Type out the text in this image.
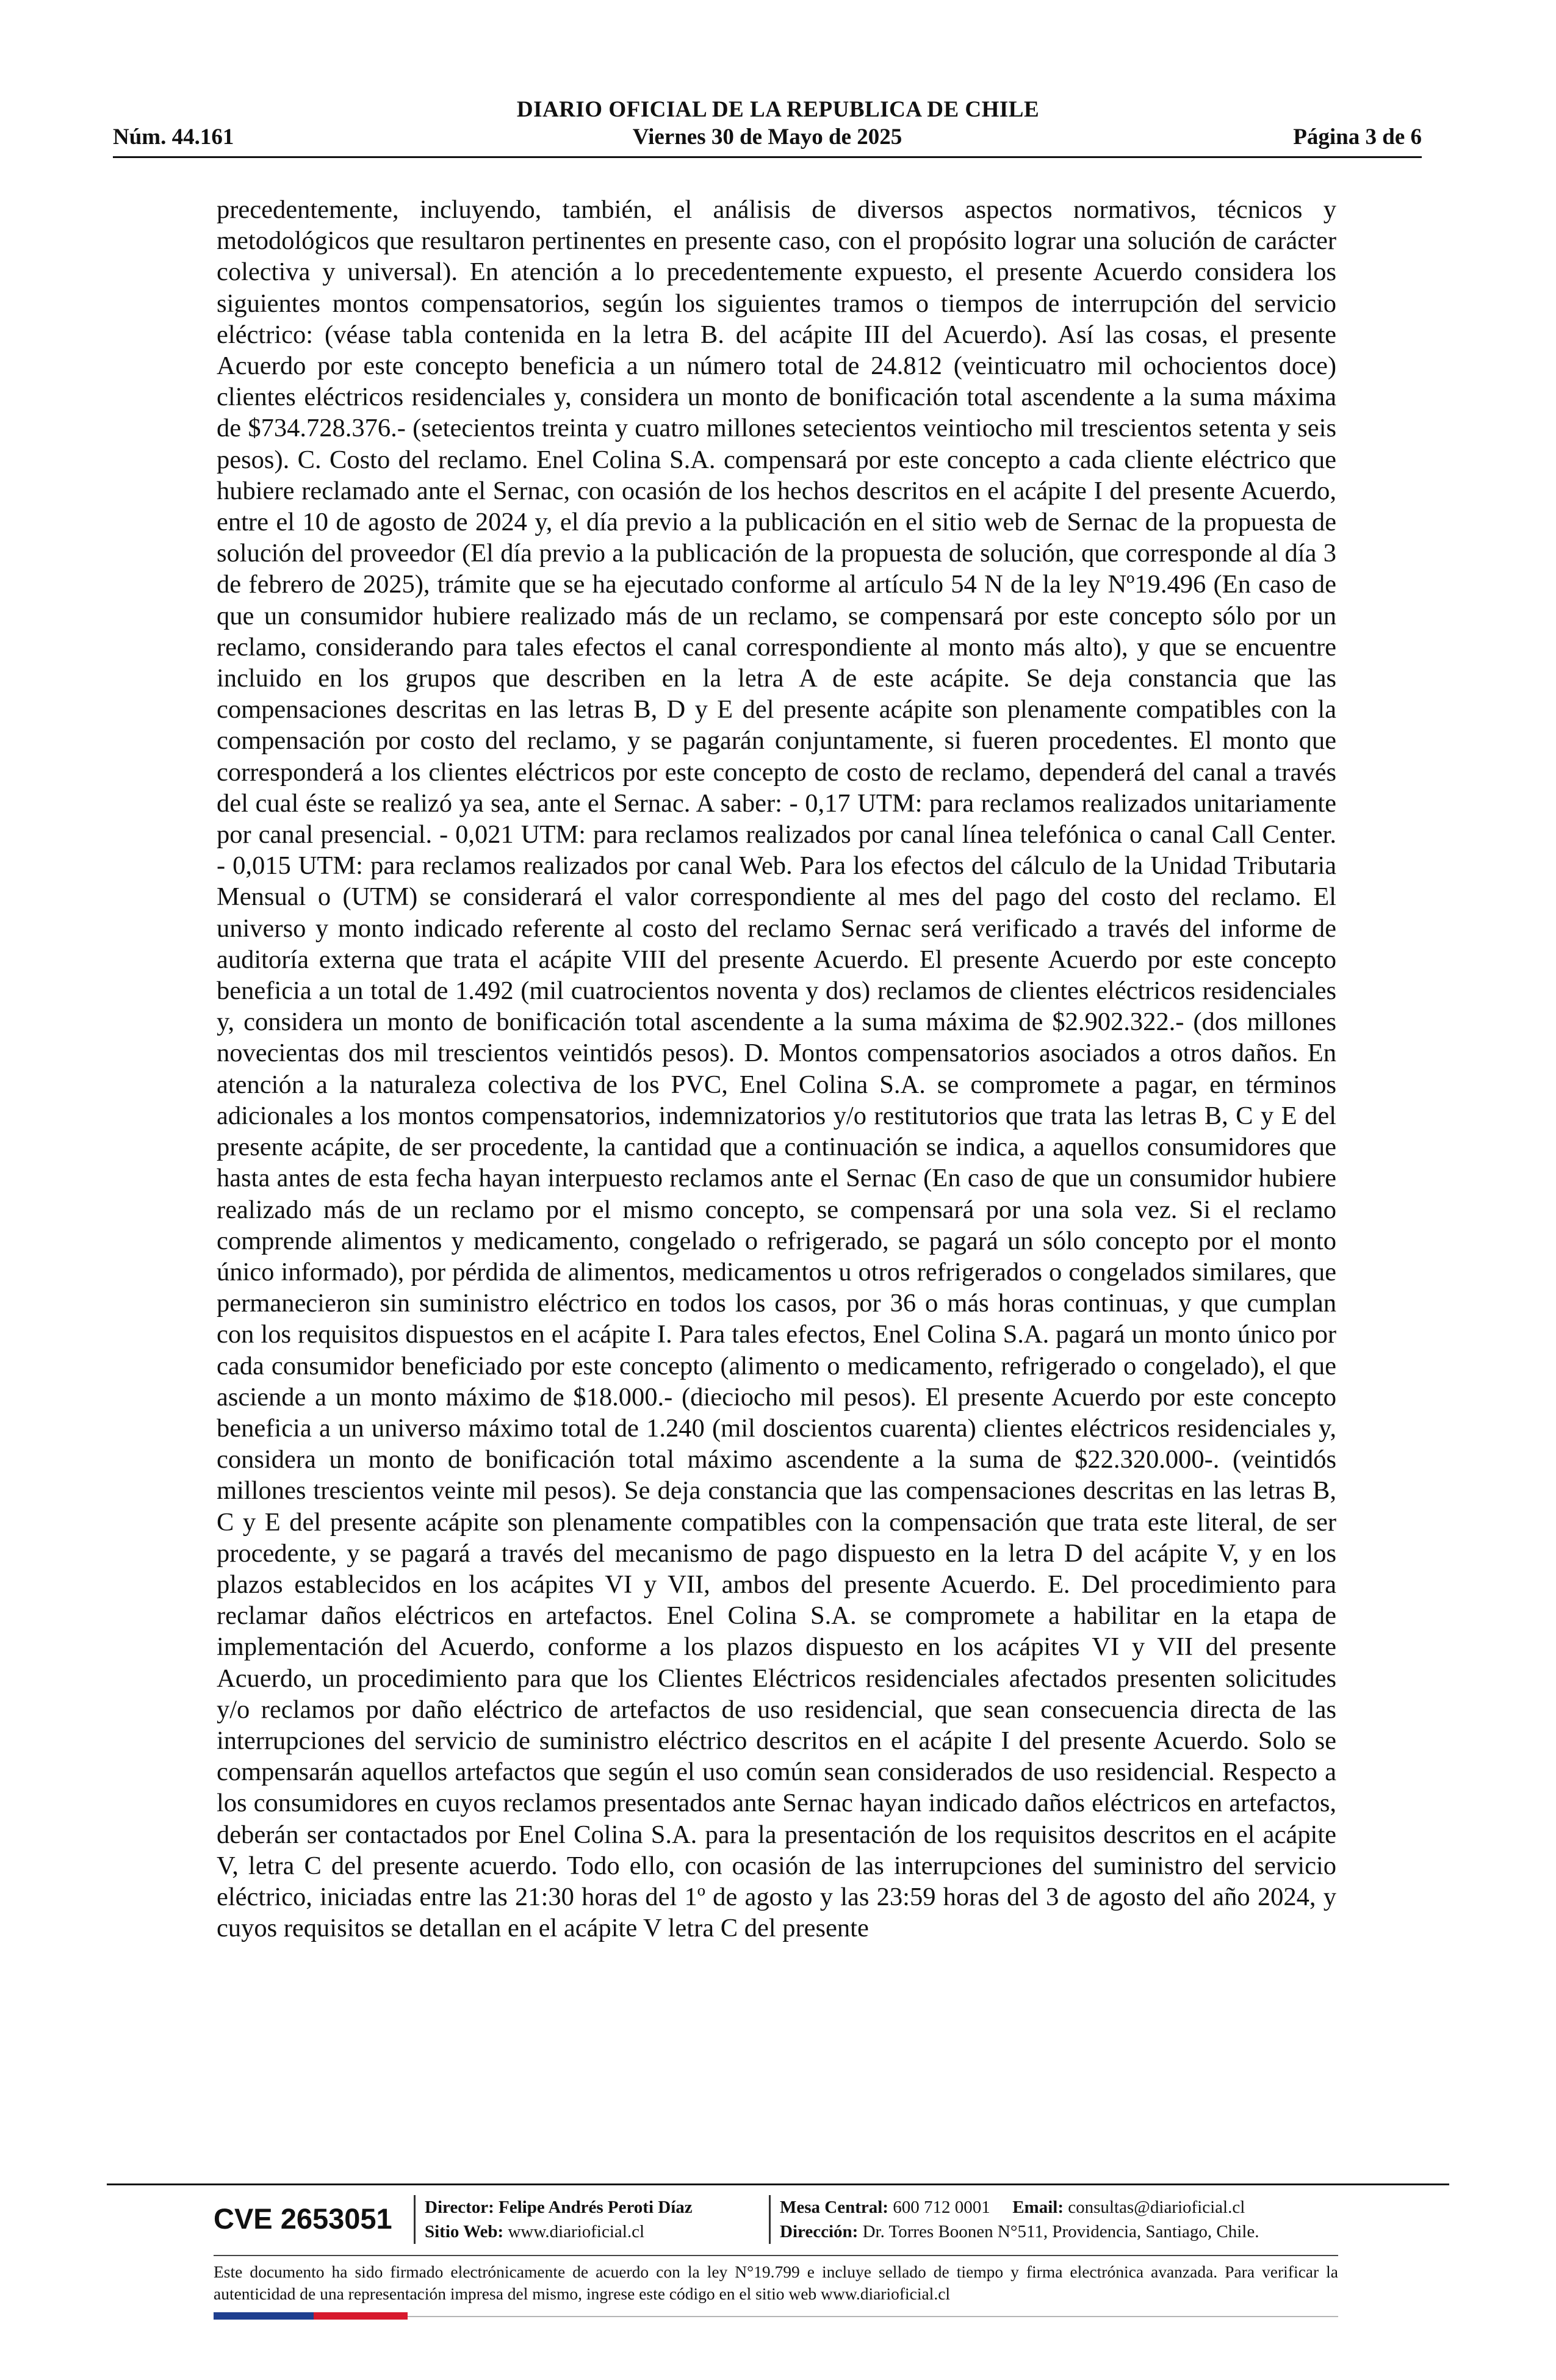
DIARIO OFICIAL DE LA REPUBLICA DE CHILE
Núm. 44.161	Viernes 30 de Mayo de 2025	Página 3 de 6

precedentemente, incluyendo, también, el análisis de diversos aspectos normativos, técnicos y metodológicos que resultaron pertinentes en presente caso, con el propósito lograr una solución de carácter colectiva y universal). En atención a lo precedentemente expuesto, el presente Acuerdo considera los siguientes montos compensatorios, según los siguientes tramos o tiempos de interrupción del servicio eléctrico: (véase tabla contenida en la letra B. del acápite III del Acuerdo). Así las cosas, el presente Acuerdo por este concepto beneficia a un número total de 24.812 (veinticuatro mil ochocientos doce) clientes eléctricos residenciales y, considera un monto de bonificación total ascendente a la suma máxima de $734.728.376.- (setecientos treinta y cuatro millones setecientos veintiocho mil trescientos setenta y seis pesos). C. Costo del reclamo. Enel Colina S.A. compensará por este concepto a cada cliente eléctrico que hubiere reclamado ante el Sernac, con ocasión de los hechos descritos en el acápite I del presente Acuerdo, entre el 10 de agosto de 2024 y, el día previo a la publicación en el sitio web de Sernac de la propuesta de solución del proveedor (El día previo a la publicación de la propuesta de solución, que corresponde al día 3 de febrero de 2025), trámite que se ha ejecutado conforme al artículo 54 N de la ley Nº19.496 (En caso de que un consumidor hubiere realizado más de un reclamo, se compensará por este concepto sólo por un reclamo, considerando para tales efectos el canal correspondiente al monto más alto), y que se encuentre incluido en los grupos que describen en la letra A de este acápite. Se deja constancia que las compensaciones descritas en las letras B, D y E del presente acápite son plenamente compatibles con la compensación por costo del reclamo, y se pagarán conjuntamente, si fueren procedentes. El monto que corresponderá a los clientes eléctricos por este concepto de costo de reclamo, dependerá del canal a través del cual éste se realizó ya sea, ante el Sernac. A saber: - 0,17 UTM: para reclamos realizados unitariamente por canal presencial. - 0,021 UTM: para reclamos realizados por canal línea telefónica o canal Call Center. - 0,015 UTM: para reclamos realizados por canal Web. Para los efectos del cálculo de la Unidad Tributaria Mensual o (UTM) se considerará el valor correspondiente al mes del pago del costo del reclamo. El universo y monto indicado referente al costo del reclamo Sernac será verificado a través del informe de auditoría externa que trata el acápite VIII del presente Acuerdo. El presente Acuerdo por este concepto beneficia a un total de 1.492 (mil cuatrocientos noventa y dos) reclamos de clientes eléctricos residenciales y, considera un monto de bonificación total ascendente a la suma máxima de $2.902.322.- (dos millones novecientas dos mil trescientos veintidós pesos). D. Montos compensatorios asociados a otros daños. En atención a la naturaleza colectiva de los PVC, Enel Colina S.A. se compromete a pagar, en términos adicionales a los montos compensatorios, indemnizatorios y/o restitutorios que trata las letras B, C y E del presente acápite, de ser procedente, la cantidad que a continuación se indica, a aquellos consumidores que hasta antes de esta fecha hayan interpuesto reclamos ante el Sernac (En caso de que un consumidor hubiere realizado más de un reclamo por el mismo concepto, se compensará por una sola vez. Si el reclamo comprende alimentos y medicamento, congelado o refrigerado, se pagará un sólo concepto por el monto único informado), por pérdida de alimentos, medicamentos u otros refrigerados o congelados similares, que permanecieron sin suministro eléctrico en todos los casos, por 36 o más horas continuas, y que cumplan con los requisitos dispuestos en el acápite I. Para tales efectos, Enel Colina S.A. pagará un monto único por cada consumidor beneficiado por este concepto (alimento o medicamento, refrigerado o congelado), el que asciende a un monto máximo de $18.000.- (dieciocho mil pesos). El presente Acuerdo por este concepto beneficia a un universo máximo total de 1.240 (mil doscientos cuarenta) clientes eléctricos residenciales y, considera un monto de bonificación total máximo ascendente a la suma de $22.320.000-. (veintidós millones trescientos veinte mil pesos). Se deja constancia que las compensaciones descritas en las letras B, C y E del presente acápite son plenamente compatibles con la compensación que trata este literal, de ser procedente, y se pagará a través del mecanismo de pago dispuesto en la letra D del acápite V, y en los plazos establecidos en los acápites VI y VII, ambos del presente Acuerdo. E. Del procedimiento para reclamar daños eléctricos en artefactos. Enel Colina S.A. se compromete a habilitar en la etapa de implementación del Acuerdo, conforme a los plazos dispuesto en los acápites VI y VII del presente Acuerdo, un procedimiento para que los Clientes Eléctricos residenciales afectados presenten solicitudes y/o reclamos por daño eléctrico de artefactos de uso residencial, que sean consecuencia directa de las interrupciones del servicio de suministro eléctrico descritos en el acápite I del presente Acuerdo. Solo se compensarán aquellos artefactos que según el uso común sean considerados de uso residencial. Respecto a los consumidores en cuyos reclamos presentados ante Sernac hayan indicado daños eléctricos en artefactos, deberán ser contactados por Enel Colina S.A. para la presentación de los requisitos descritos en el acápite V, letra C del presente acuerdo. Todo ello, con ocasión de las interrupciones del suministro del servicio eléctrico, iniciadas entre las 21:30 horas del 1º de agosto y las 23:59 horas del 3 de agosto del año 2024, y cuyos requisitos se detallan en el acápite V letra C del presente

CVE 2653051 Director: Felipe Andrés Peroti Díaz
Sitio Web: www.diarioficial.cl
Mesa Central: 600 712 0001 Email: consultas@diarioficial.cl
Dirección: Dr. Torres Boonen N°511, Providencia, Santiago, Chile.

Este documento ha sido firmado electrónicamente de acuerdo con la ley N°19.799 e incluye sellado de tiempo y firma electrónica avanzada. Para verificar la autenticidad de una representación impresa del mismo, ingrese este código en el sitio web www.diarioficial.cl
